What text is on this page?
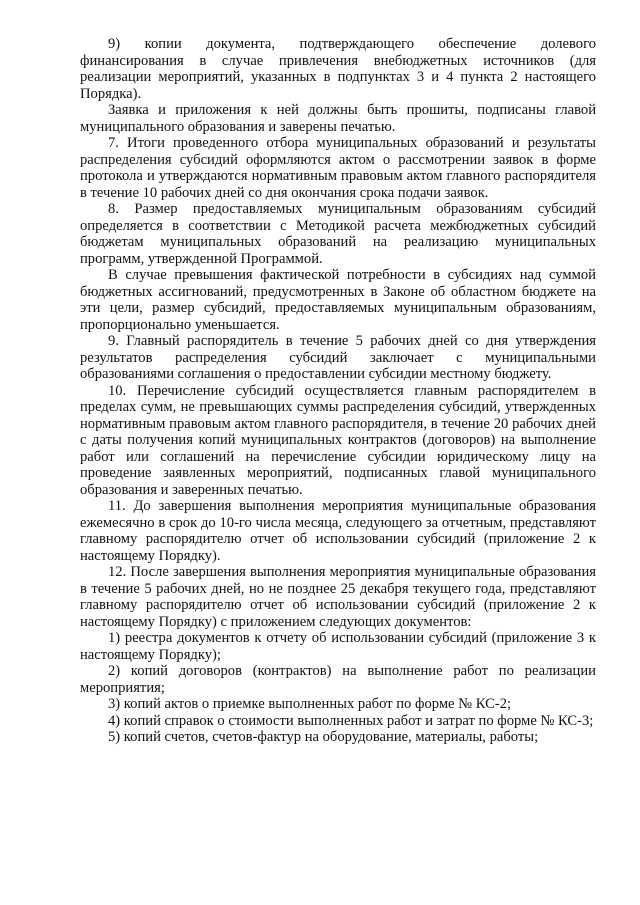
9) копии документа, подтверждающего обеспечение долевого финансирования в случае привлечения внебюджетных источников (для реализации мероприятий, указанных в подпунктах 3 и 4 пункта 2 настоящего Порядка).

Заявка и приложения к ней должны быть прошиты, подписаны главой муниципального образования и заверены печатью.

7. Итоги проведенного отбора муниципальных образований и результаты распределения субсидий оформляются актом о рассмотрении заявок в форме протокола и утверждаются нормативным правовым актом главного распорядителя в течение 10 рабочих дней со дня окончания срока подачи заявок.

8. Размер предоставляемых муниципальным образованиям субсидий определяется в соответствии с Методикой расчета межбюджетных субсидий бюджетам муниципальных образований на реализацию муниципальных программ, утвержденной Программой.

В случае превышения фактической потребности в субсидиях над суммой бюджетных ассигнований, предусмотренных в Законе об областном бюджете на эти цели, размер субсидий, предоставляемых муниципальным образованиям, пропорционально уменьшается.

9. Главный распорядитель в течение 5 рабочих дней со дня утверждения результатов распределения субсидий заключает с муниципальными образованиями соглашения о предоставлении субсидии местному бюджету.

10. Перечисление субсидий осуществляется главным распорядителем в пределах сумм, не превышающих суммы распределения субсидий, утвержденных нормативным правовым актом главного распорядителя, в течение 20 рабочих дней с даты получения копий муниципальных контрактов (договоров) на выполнение работ или соглашений на перечисление субсидии юридическому лицу на проведение заявленных мероприятий, подписанных главой муниципального образования и заверенных печатью.

11. До завершения выполнения мероприятия муниципальные образования ежемесячно в срок до 10-го числа месяца, следующего за отчетным, представляют главному распорядителю отчет об использовании субсидий (приложение 2 к настоящему Порядку).

12. После завершения выполнения мероприятия муниципальные образования в течение 5 рабочих дней, но не позднее 25 декабря текущего года, представляют главному распорядителю отчет об использовании субсидий (приложение 2 к настоящему Порядку) с приложением следующих документов:

1) реестра документов к отчету об использовании субсидий (приложение 3 к настоящему Порядку);

2) копий договоров (контрактов) на выполнение работ по реализации мероприятия;

3) копий актов о приемке выполненных работ по форме № КС-2;

4) копий справок о стоимости выполненных работ и затрат по форме № КС-3;

5) копий счетов, счетов-фактур на оборудование, материалы, работы;
